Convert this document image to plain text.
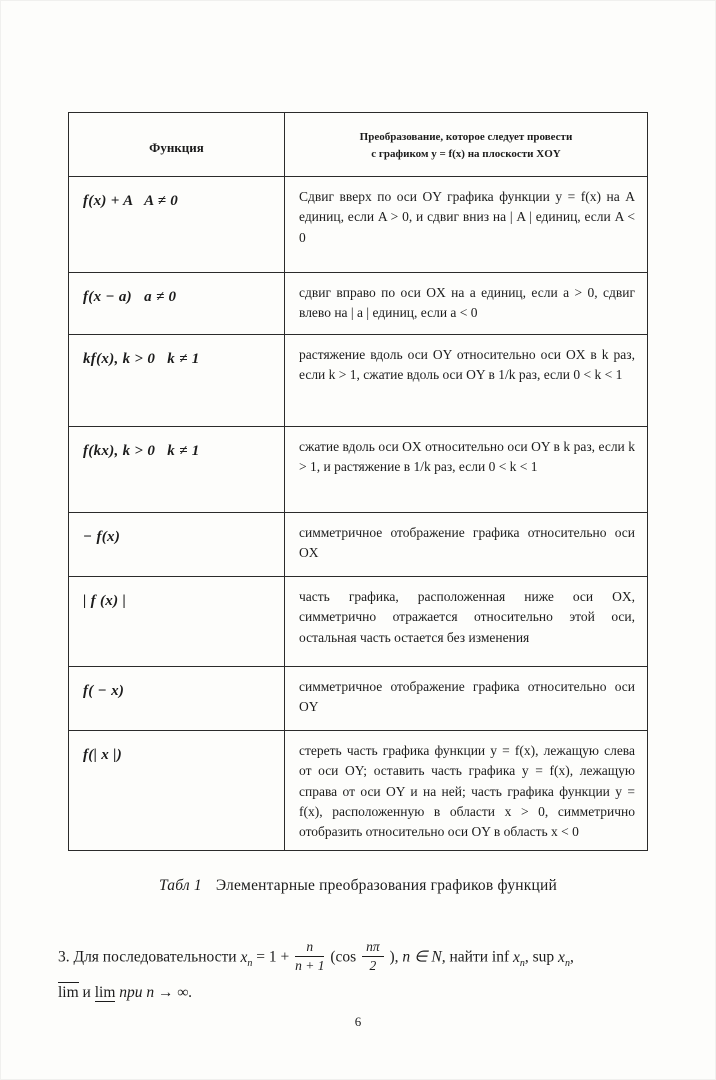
Функция	Преобразование, которое следует провести
с графиком y = f(x) на плоскости XOY

f(x) + A   A ≠ 0	Сдвиг вверх по оси OY графика функции y = f(x) на A единиц, если A > 0, и сдвиг вниз на | A | единиц, если A < 0
f(x − a)   a ≠ 0	сдвиг вправо по оси OX на a единиц, если a > 0, сдвиг влево на | a | единиц, если a < 0
kf(x), k > 0   k ≠ 1	растяжение вдоль оси OY относительно оси OX в k раз, если k > 1, сжатие вдоль оси OY в 1/k раз, если 0 < k < 1
f(kx), k > 0   k ≠ 1	сжатие вдоль оси OX относительно оси OY в k раз, если k > 1, и растяжение в 1/k раз, если 0 < k < 1
− f(x)	симметричное отображение графика относительно оси OX
| f (x) |	часть графика, расположенная ниже оси OX, симметрично отражается относительно этой оси, остальная часть остается без изменения
f( − x)	симметричное отображение графика относительно оси OY
f(| x |)	стереть часть графика функции y = f(x), лежащую слева от оси OY; оставить часть графика y = f(x), лежащую справа от оси OY и на ней; часть графика функции y = f(x), расположенную в области x > 0, симметрично отобразить относительно оси OY в область x < 0
Табл 1 Элементарные преобразования графиков функций
3. Для последовательности $x_n = 1 + \frac{n}{n + 1} (\cos \frac{n\pi}{2}$ ), n ∈ N, найти inf $x_n$, sup $x_n$,
lim и lim при n → ∞.
6
